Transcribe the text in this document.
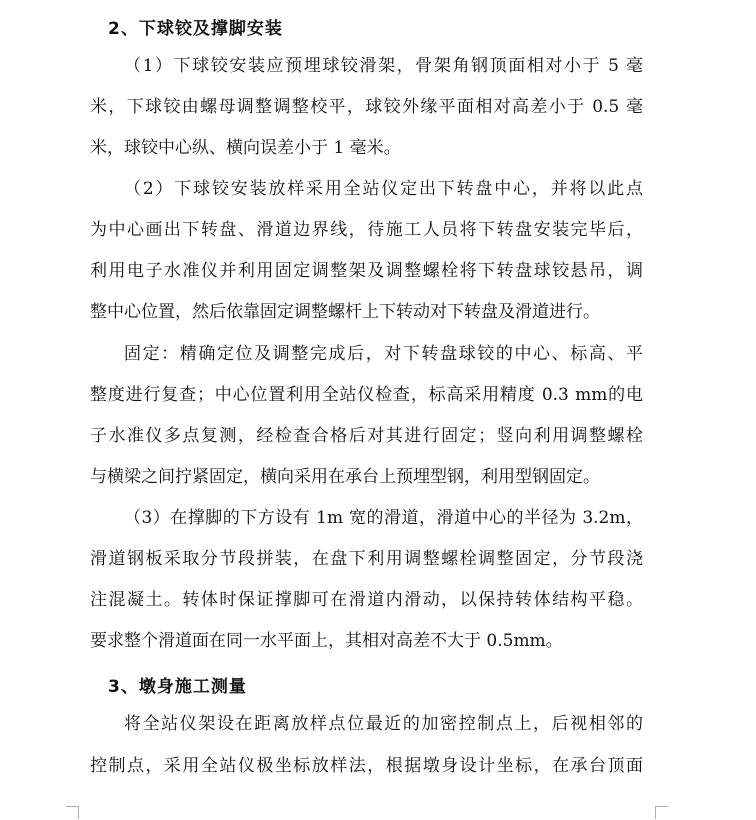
2、下球铰及撑脚安装

（1）下球铰安装应预埋球铰滑架，骨架角钢顶面相对小于 5 毫

米，下球铰由螺母调整调整校平，球铰外缘平面相对高差小于 0.5 毫

米，球铰中心纵、横向误差小于 1 毫米。

（2）下球铰安装放样采用全站仪定出下转盘中心，并将以此点

为中心画出下转盘、滑道边界线，待施工人员将下转盘安装完毕后，

利用电子水准仪并利用固定调整架及调整螺栓将下转盘球铰悬吊，调

整中心位置，然后依靠固定调整螺杆上下转动对下转盘及滑道进行。

固定：精确定位及调整完成后，对下转盘球铰的中心、标高、平

整度进行复查；中心位置利用全站仪检查，标高采用精度 0.3 mm的电

子水准仪多点复测，经检查合格后对其进行固定；竖向利用调整螺栓

与横梁之间拧紧固定，横向采用在承台上预埋型钢，利用型钢固定。

（3）在撑脚的下方设有 1m 宽的滑道，滑道中心的半径为 3.2m，

滑道钢板采取分节段拼装，在盘下利用调整螺栓调整固定，分节段浇

注混凝土。转体时保证撑脚可在滑道内滑动，以保持转体结构平稳。

要求整个滑道面在同一水平面上，其相对高差不大于 0.5mm。

3、墩身施工测量

将全站仪架设在距离放样点位最近的加密控制点上，后视相邻的

控制点，采用全站仪极坐标放样法，根据墩身设计坐标，在承台顶面
